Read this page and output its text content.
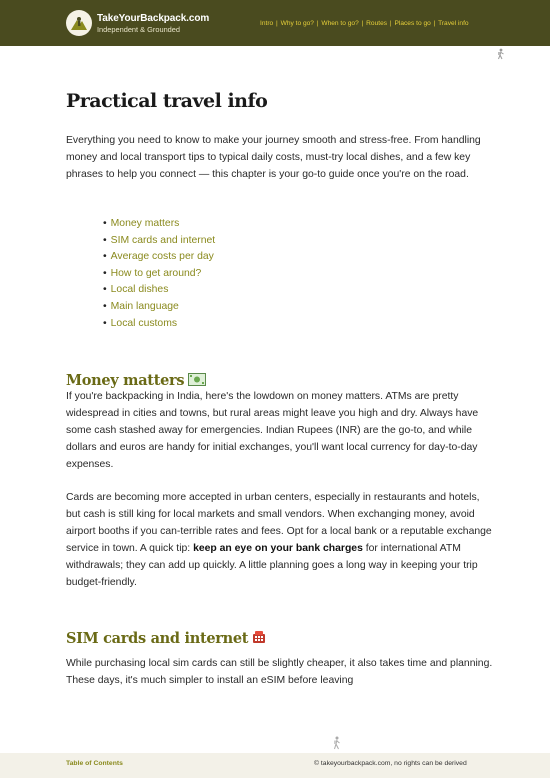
TakeYourBackpack.com
Independent & Grounded
Intro | Why to go? | When to go? | Routes | Places to go | Travel info
Practical travel info

Everything you need to know to make your journey smooth and stress-free. From handling money and local transport tips to typical daily costs, must-try local dishes, and a few key phrases to help you connect — this chapter is your go-to guide once you're on the road.

• Money matters
• SIM cards and internet
• Average costs per day
• How to get around?
• Local dishes
• Main language
• Local customs
Money matters

If you're backpacking in India, here's the lowdown on money matters. ATMs are pretty widespread in cities and towns, but rural areas might leave you high and dry. Always have some cash stashed away for emergencies. Indian Rupees (INR) are the go-to, and while dollars and euros are handy for initial exchanges, you'll want local currency for day-to-day expenses.

Cards are becoming more accepted in urban centers, especially in restaurants and hotels, but cash is still king for local markets and small vendors. When exchanging money, avoid airport booths if you can-terrible rates and fees. Opt for a local bank or a reputable exchange service in town. A quick tip: keep an eye on your bank charges for international ATM withdrawals; they can add up quickly. A little planning goes a long way in keeping your trip budget-friendly.

SIM cards and internet

While purchasing local sim cards can still be slightly cheaper, it also takes time and planning. These days, it's much simpler to install an eSIM before leaving

Table of Contents	© takeyourbackpack.com, no rights can be derived
